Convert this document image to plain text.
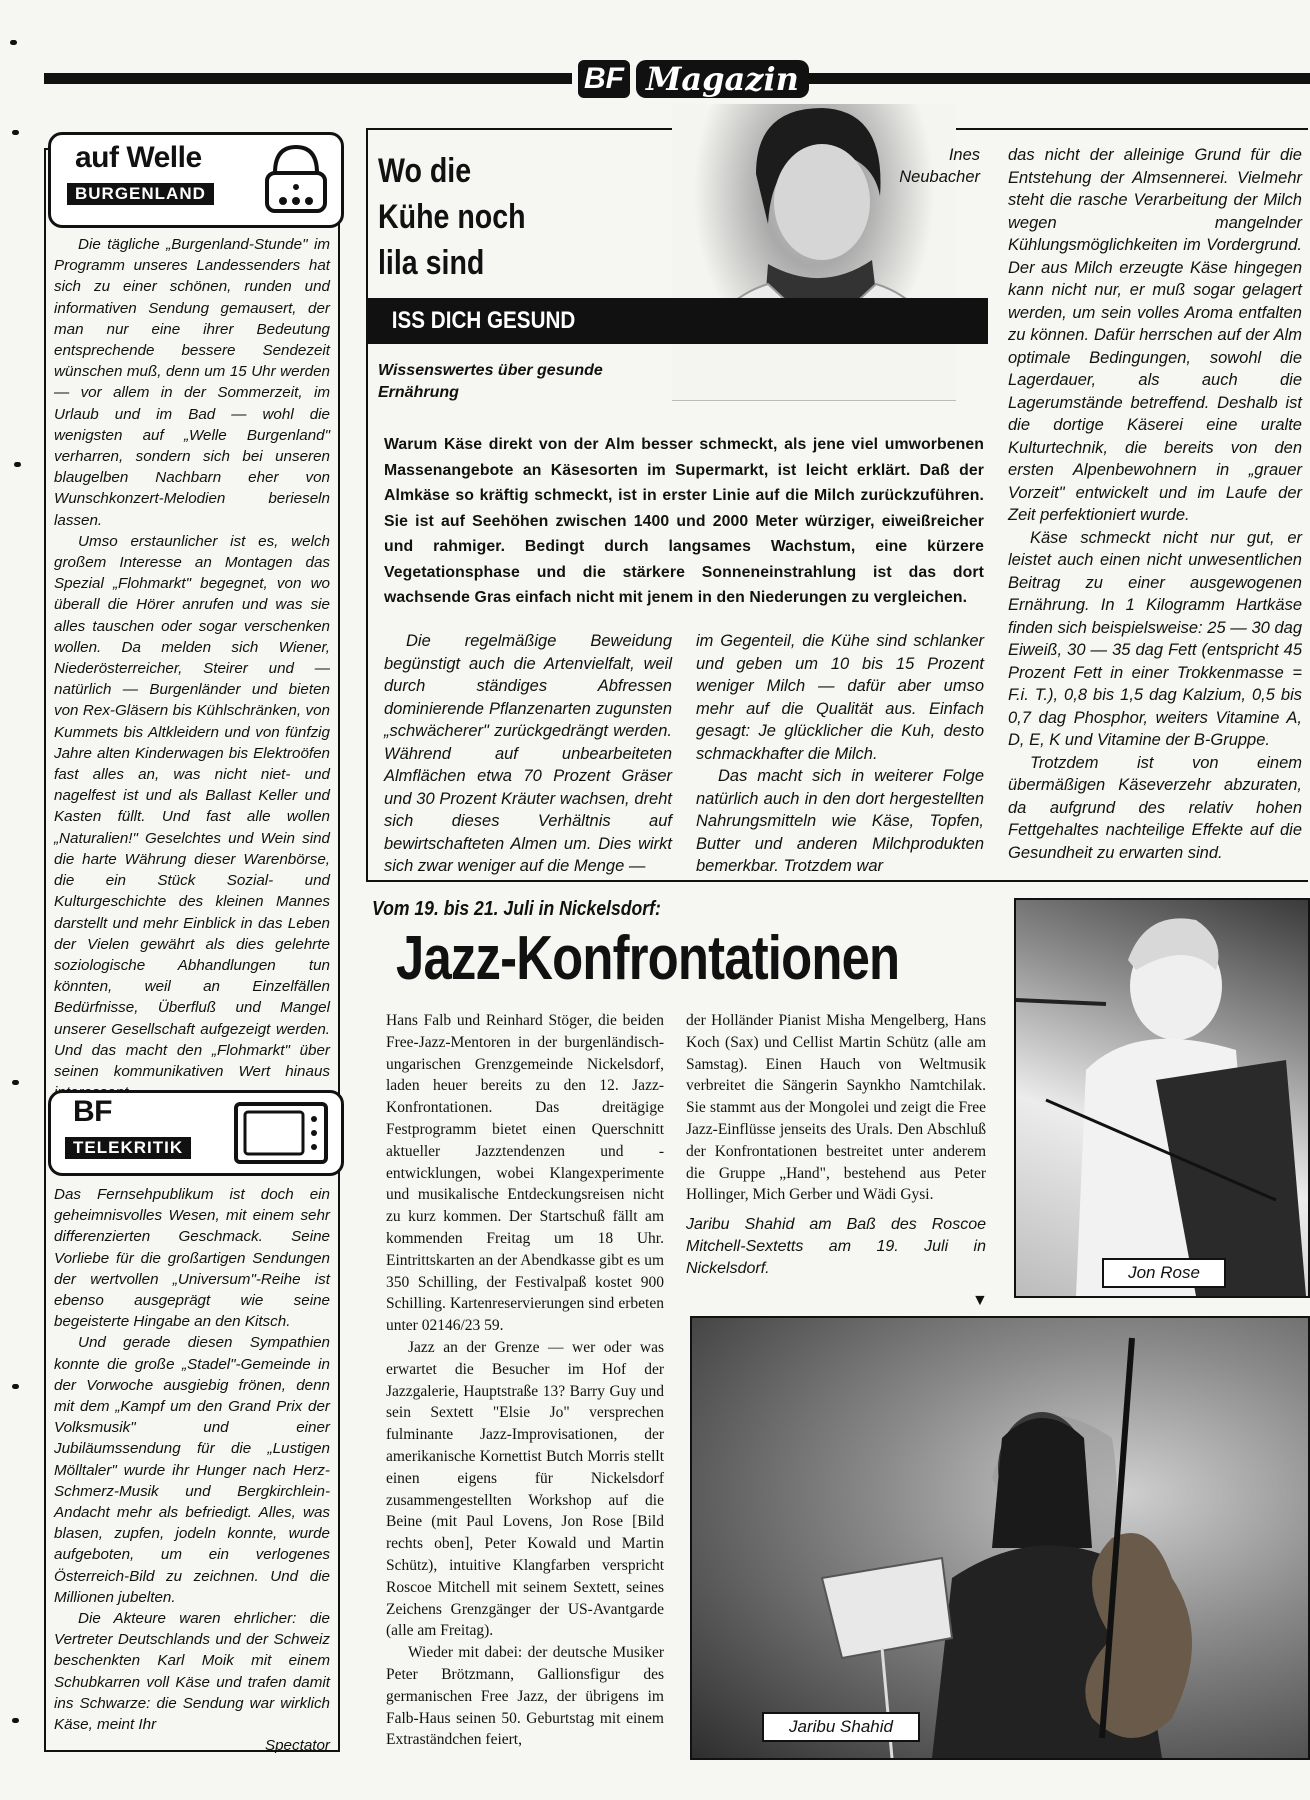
BF Magazin
auf Welle
BURGENLAND

Die tägliche „Burgenland-Stunde" im Programm unseres Landessenders hat sich zu einer schönen, runden und informativen Sendung gemausert, der man nur eine ihrer Bedeutung entsprechende bessere Sendezeit wünschen muß, denn um 15 Uhr werden — vor allem in der Sommerzeit, im Urlaub und im Bad — wohl die wenigsten auf „Welle Burgenland" verharren, sondern sich bei unseren blaugelben Nachbarn eher von Wunschkonzert-Melodien berieseln lassen.

Umso erstaunlicher ist es, welch großem Interesse an Montagen das Spezial „Flohmarkt" begegnet, von wo überall die Hörer anrufen und was sie alles tauschen oder sogar verschenken wollen. Da melden sich Wiener, Niederösterreicher, Steirer und — natürlich — Burgenländer und bieten von Rex-Gläsern bis Kühlschränken, von Kummets bis Altkleidern und von fünfzig Jahre alten Kinderwagen bis Elektroöfen fast alles an, was nicht niet- und nagelfest ist und als Ballast Keller und Kasten füllt. Und fast alle wollen „Naturalien!" Geselchtes und Wein sind die harte Währung dieser Warenbörse, die ein Stück Sozial- und Kulturgeschichte des kleinen Mannes darstellt und mehr Einblick in das Leben der Vielen gewährt als dies gelehrte soziologische Abhandlungen tun könnten, weil an Einzelfällen Bedürfnisse, Überfluß und Mangel unserer Gesellschaft aufgezeigt werden. Und das macht den „Flohmarkt" über seinen kommunikativen Wert hinaus

BF
TELEKRITIK

Das Fernsehpublikum ist doch ein geheimnisvolles Wesen, mit einem sehr differenzierten Geschmack. Seine Vorliebe für die großartigen Sendungen der wertvollen „Universum"-Reihe ist ebenso ausgeprägt wie seine begeisterte Hingabe an den Kitsch.

Und gerade diesen Sympathien konnte die große „Stadel"-Gemeinde in der Vorwoche ausgiebig frönen, denn mit dem „Kampf um den Grand Prix der Volksmusik" und einer Jubiläumssendung für die „Lustigen Mölltaler" wurde ihr Hunger nach Herz-Schmerz-Musik und Bergkirchlein-Andacht mehr als befriedigt. Alles, was blasen, zupfen, jodeln konnte, wurde aufgeboten, um ein verlogenes Österreich-Bild zu zeichnen. Und die Millionen jubelten.

Die Akteure waren ehrlicher: die Vertreter Deutschlands und der Schweiz beschenkten Karl Moik mit einem Schubkarren voll Käse und trafen damit ins Schwarze: die Sendung war wirklich Käse, meint Ihr

Spectator
Wo die
Kühe noch
lila sind
Ines Neubacher
ISS DICH GESUND
Wissenswertes über gesunde Ernährung
Warum Käse direkt von der Alm besser schmeckt, als jene viel umworbenen Massenangebote an Käsesorten im Supermarkt, ist leicht erklärt. Daß der Almkäse so kräftig schmeckt, ist in erster Linie auf die Milch zurückzuführen. Sie ist auf Seehöhen zwischen 1400 und 2000 Meter würziger, eiweißreicher und rahmiger. Bedingt durch langsames Wachstum, eine kürzere Vegetationsphase und die stärkere Sonneneinstrahlung ist das dort wachsende Gras einfach nicht mit jenem in den Niederungen zu vergleichen.

Die regelmäßige Beweidung begünstigt auch die Artenvielfalt, weil durch ständiges Abfressen dominierende Pflanzenarten zugunsten „schwächerer" zurückgedrängt werden. Während auf unbearbeiteten Almflächen etwa 70 Prozent Gräser und 30 Prozent Kräuter wachsen, dreht sich dieses Verhältnis auf bewirtschafteten Almen um. Dies wirkt sich zwar weniger auf die Menge —

im Gegenteil, die Kühe sind schlanker und geben um 10 bis 15 Prozent weniger Milch — dafür aber umso mehr auf die Qualität aus. Einfach gesagt: Je glücklicher die Kuh, desto schmackhafter die Milch.

Das macht sich in weiterer Folge natürlich auch in den dort hergestellten Nahrungsmitteln wie Käse, Topfen, Butter und anderen Milchprodukten bemerkbar. Trotzdem war

das nicht der alleinige Grund für die Entstehung der Almsennerei. Vielmehr steht die rasche Verarbeitung der Milch wegen mangelnder Kühlungsmöglichkeiten im Vordergrund. Der aus Milch erzeugte Käse hingegen kann nicht nur, er muß sogar gelagert werden, um sein volles Aroma entfalten zu können. Dafür herrschen auf der Alm optimale Bedingungen, sowohl die Lagerdauer, als auch die Lagerumstände betreffend. Deshalb ist die dortige Käserei eine uralte Kulturtechnik, die bereits von den ersten Alpenbewohnern in „grauer Vorzeit" entwickelt und im Laufe der Zeit perfektioniert wurde.

Käse schmeckt nicht nur gut, er leistet auch einen nicht unwesentlichen Beitrag zu einer ausgewogenen Ernährung. In 1 Kilogramm Hartkäse finden sich beispielsweise: 25 — 30 dag Eiweiß, 30 — 35 dag Fett (entspricht 45 Prozent Fett in einer Trokkenmasse = F.i. T.), 0,8 bis 1,5 dag Kalzium, 0,5 bis 0,7 dag Phosphor, weiters Vitamine A, D, E, K und Vitamine der B-Gruppe.

Trotzdem ist von einem übermäßigen Käseverzehr abzuraten, da aufgrund des relativ hohen Fettgehaltes nachteilige Effekte auf die Gesundheit zu erwarten sind.

Vom 19. bis 21. Juli in Nickelsdorf:
Jazz-Konfrontationen

Hans Falb und Reinhard Stöger, die beiden Free-Jazz-Mentoren in der burgenländisch-ungarischen Grenzgemeinde Nickelsdorf, laden heuer bereits zu den 12. Jazz-Konfrontationen. Das dreitägige Festprogramm bietet einen Querschnitt aktueller Jazztendenzen und -entwicklungen, wobei Klangexperimente und musikalische Entdeckungsreisen nicht zu kurz kommen. Der Startschuß fällt am kommenden Freitag um 18 Uhr. Eintrittskarten an der Abendkasse gibt es um 350 Schilling, der Festivalpaß kostet 900 Schilling. Kartenreservierungen sind erbeten unter 02146/23 59.

Jazz an der Grenze — wer oder was erwartet die Besucher im Hof der Jazzgalerie, Hauptstraße 13? Barry Guy und sein Sextett "Elsie Jo" versprechen fulminante Jazz-Improvisationen, der amerikanische Kornettist Butch Morris stellt einen eigens für Nickelsdorf zusammengestellten Workshop auf die Beine (mit Paul Lovens, Jon Rose [Bild rechts oben], Peter Kowald und Martin Schütz), intuitive Klangfarben verspricht Roscoe Mitchell mit seinem Sextett, seines Zeichens Grenzgänger der US-Avantgarde (alle am Freitag).

Wieder mit dabei: der deutsche Musiker Peter Brötzmann, Gallionsfigur des germanischen Free Jazz, der übrigens im Falb-Haus seinen 50. Geburtstag mit einem Extraständchen feiert,

der Holländer Pianist Misha Mengelberg, Hans Koch (Sax) und Cellist Martin Schütz (alle am Samstag). Einen Hauch von Weltmusik verbreitet die Sängerin Saynkho Namtchilak. Sie stammt aus der Mongolei und zeigt die Free Jazz-Einflüsse jenseits des Urals. Den Abschluß der Konfrontationen bestreitet unter anderem die Gruppe „Hand", bestehend aus Peter Hollinger, Mich Gerber und Wädi Gysi.

Jaribu Shahid am Baß des Roscoe Mitchell-Sextetts am 19. Juli in Nickelsdorf.

▼
Jon Rose
Jaribu Shahid
